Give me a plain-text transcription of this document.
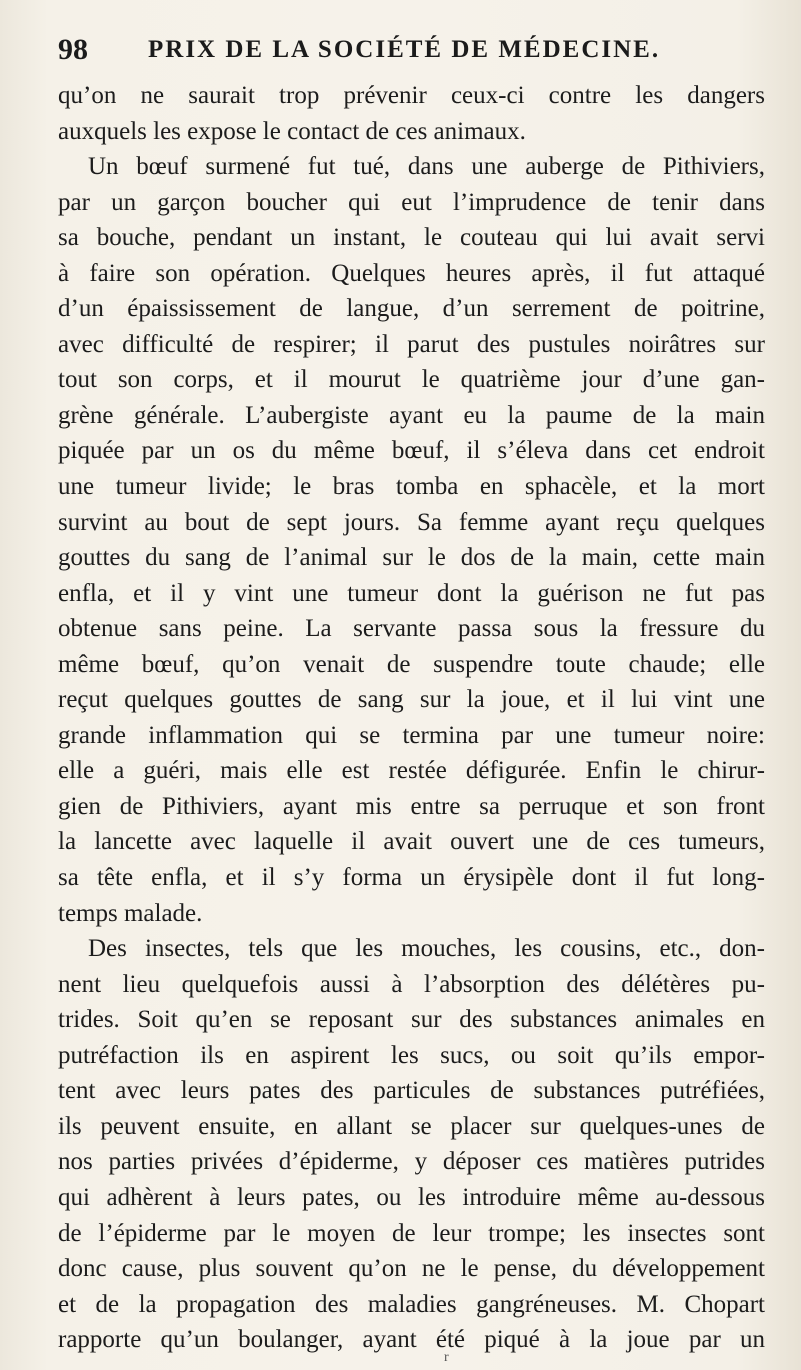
98 PRIX DE LA SOCIÉTÉ DE MÉDECINE.
qu’on ne saurait trop prévenir ceux-ci contre les dangers
auxquels les expose le contact de ces animaux.
Un bœuf surmené fut tué, dans une auberge de Pithiviers,
par un garçon boucher qui eut l’imprudence de tenir dans
sa bouche, pendant un instant, le couteau qui lui avait servi
à faire son opération. Quelques heures après, il fut attaqué
d’un épaississement de langue, d’un serrement de poitrine,
avec difficulté de respirer; il parut des pustules noirâtres sur
tout son corps, et il mourut le quatrième jour d’une gan-
grène générale. L’aubergiste ayant eu la paume de la main
piquée par un os du même bœuf, il s’éleva dans cet endroit
une tumeur livide; le bras tomba en sphacèle, et la mort
survint au bout de sept jours. Sa femme ayant reçu quelques
gouttes du sang de l’animal sur le dos de la main, cette main
enfla, et il y vint une tumeur dont la guérison ne fut pas
obtenue sans peine. La servante passa sous la fressure du
même bœuf, qu’on venait de suspendre toute chaude; elle
reçut quelques gouttes de sang sur la joue, et il lui vint une
grande inflammation qui se termina par une tumeur noire:
elle a guéri, mais elle est restée défigurée. Enfin le chirur-
gien de Pithiviers, ayant mis entre sa perruque et son front
la lancette avec laquelle il avait ouvert une de ces tumeurs,
sa tête enfla, et il s’y forma un érysipèle dont il fut long-
temps malade.
Des insectes, tels que les mouches, les cousins, etc., don-
nent lieu quelquefois aussi à l’absorption des délétères pu-
trides. Soit qu’en se reposant sur des substances animales en
putréfaction ils en aspirent les sucs, ou soit qu’ils empor-
tent avec leurs pates des particules de substances putréfiées,
ils peuvent ensuite, en allant se placer sur quelques-unes de
nos parties privées d’épiderme, y déposer ces matières putrides
qui adhèrent à leurs pates, ou les introduire même au-dessous
de l’épiderme par le moyen de leur trompe; les insectes sont
donc cause, plus souvent qu’on ne le pense, du développement
et de la propagation des maladies gangréneuses. M. Chopart
rapporte qu’un boulanger, ayant été piqué à la joue par un
r
